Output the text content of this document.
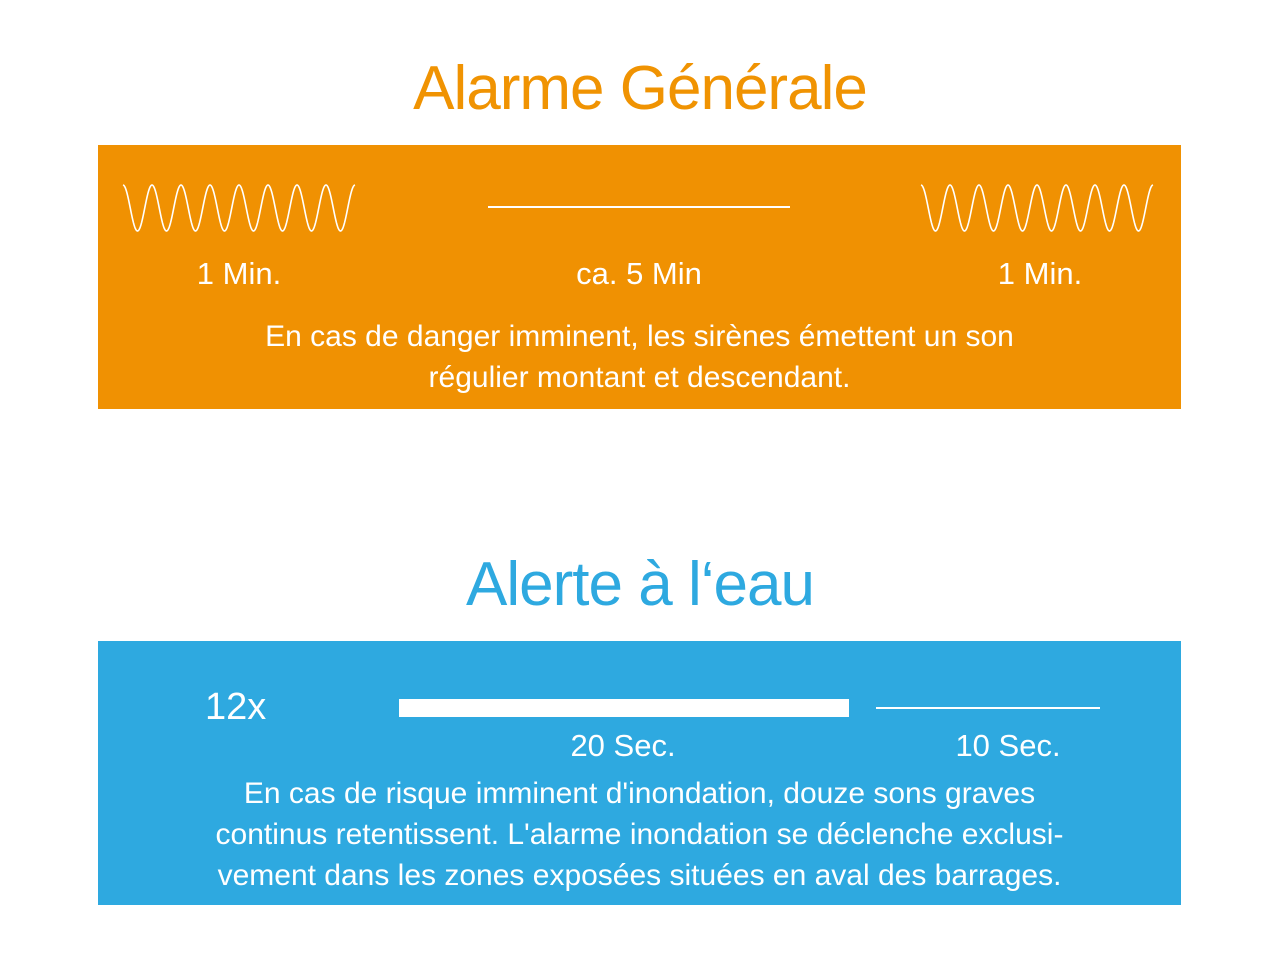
Alarme Générale
1 Min.	ca. 5 Min	1 Min.
En cas de danger imminent, les sirènes émettent un son
régulier montant et descendant.
Alerte à l‘eau
12x
20 Sec.	10 Sec.
En cas de risque imminent d'inondation, douze sons graves
continus retentissent. L'alarme inondation se déclenche exclusi-
vement dans les zones exposées situées en aval des barrages.
